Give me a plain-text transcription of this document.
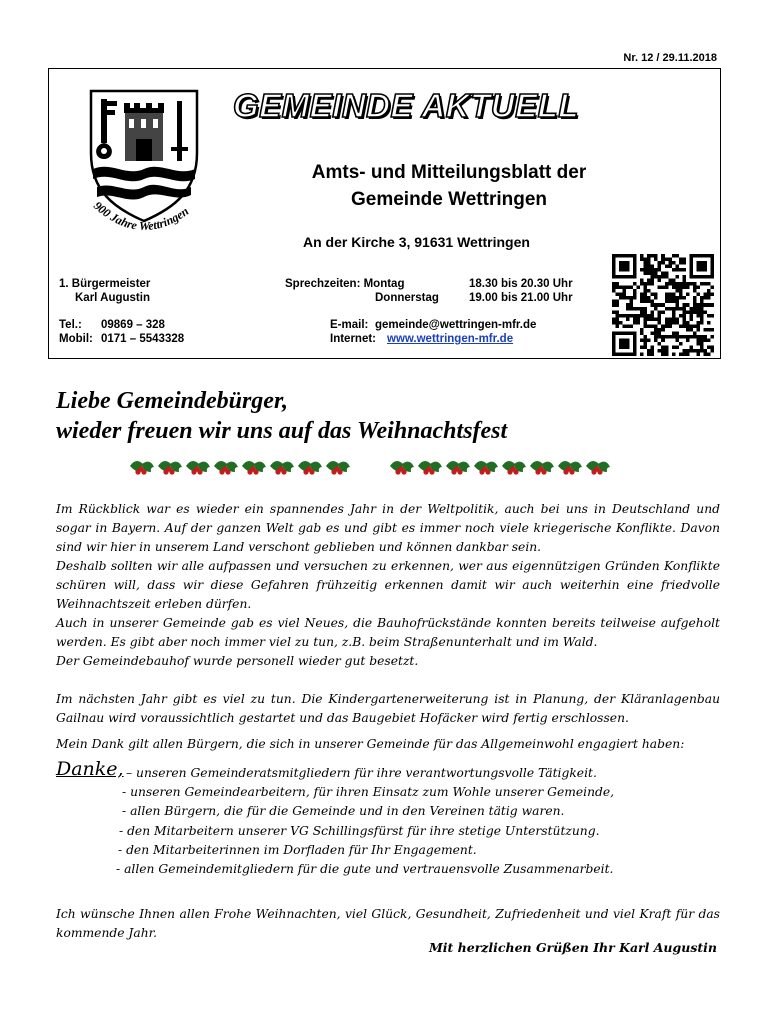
Nr. 12 / 29.11.2018
900 Jahre Wettringen
GEMEINDE AKTUELL
Amts- und Mitteilungsblatt der
Gemeinde Wettringen
An der Kirche 3, 91631 Wettringen
1. Bürgermeister
Karl Augustin
Tel.: 09869 – 328
Mobil: 0171 – 5543328
Sprechzeiten: Montag
Donnerstag
18.30 bis 20.30 Uhr
19.00 bis 21.00 Uhr
E-mail: gemeinde@wettringen-mfr.de
Internet: www.wettringen-mfr.de
Liebe Gemeindebürger,
wieder freuen wir uns auf das Weihnachtsfest
Im Rückblick war es wieder ein spannendes Jahr in der Weltpolitik, auch bei uns in Deutschland und sogar in Bayern. Auf der ganzen Welt gab es und gibt es immer noch viele kriegerische Konflikte. Davon sind wir hier in unserem Land verschont geblieben und können dankbar sein.
Deshalb sollten wir alle aufpassen und versuchen zu erkennen, wer aus eigennützigen Gründen Konflikte schüren will, dass wir diese Gefahren frühzeitig erkennen damit wir auch weiterhin eine friedvolle Weihnachtszeit erleben dürfen.
Auch in unserer Gemeinde gab es viel Neues, die Bauhofrückstände konnten bereits teilweise aufgeholt werden. Es gibt aber noch immer viel zu tun, z.B. beim Straßenunterhalt und im Wald.
Der Gemeindebauhof wurde personell wieder gut besetzt.
Im nächsten Jahr gibt es viel zu tun. Die Kindergartenerweiterung ist in Planung, der Kläranlagenbau Gailnau wird voraussichtlich gestartet und das Baugebiet Hofäcker wird fertig erschlossen.
Mein Dank gilt allen Bürgern, die sich in unserer Gemeinde für das Allgemeinwohl engagiert haben:
Danke, – unseren Gemeinderatsmitgliedern für ihre verantwortungsvolle Tätigkeit.
- unseren Gemeindearbeitern, für ihren Einsatz zum Wohle unserer Gemeinde,
- allen Bürgern, die für die Gemeinde und in den Vereinen tätig waren.
- den Mitarbeitern unserer VG Schillingsfürst für ihre stetige Unterstützung.
- den Mitarbeiterinnen im Dorfladen für Ihr Engagement.
- allen Gemeindemitgliedern für die gute und vertrauensvolle Zusammenarbeit.
Ich wünsche Ihnen allen Frohe Weihnachten, viel Glück, Gesundheit, Zufriedenheit und viel Kraft für das kommende Jahr.
Mit herzlichen Grüßen Ihr Karl Augustin
